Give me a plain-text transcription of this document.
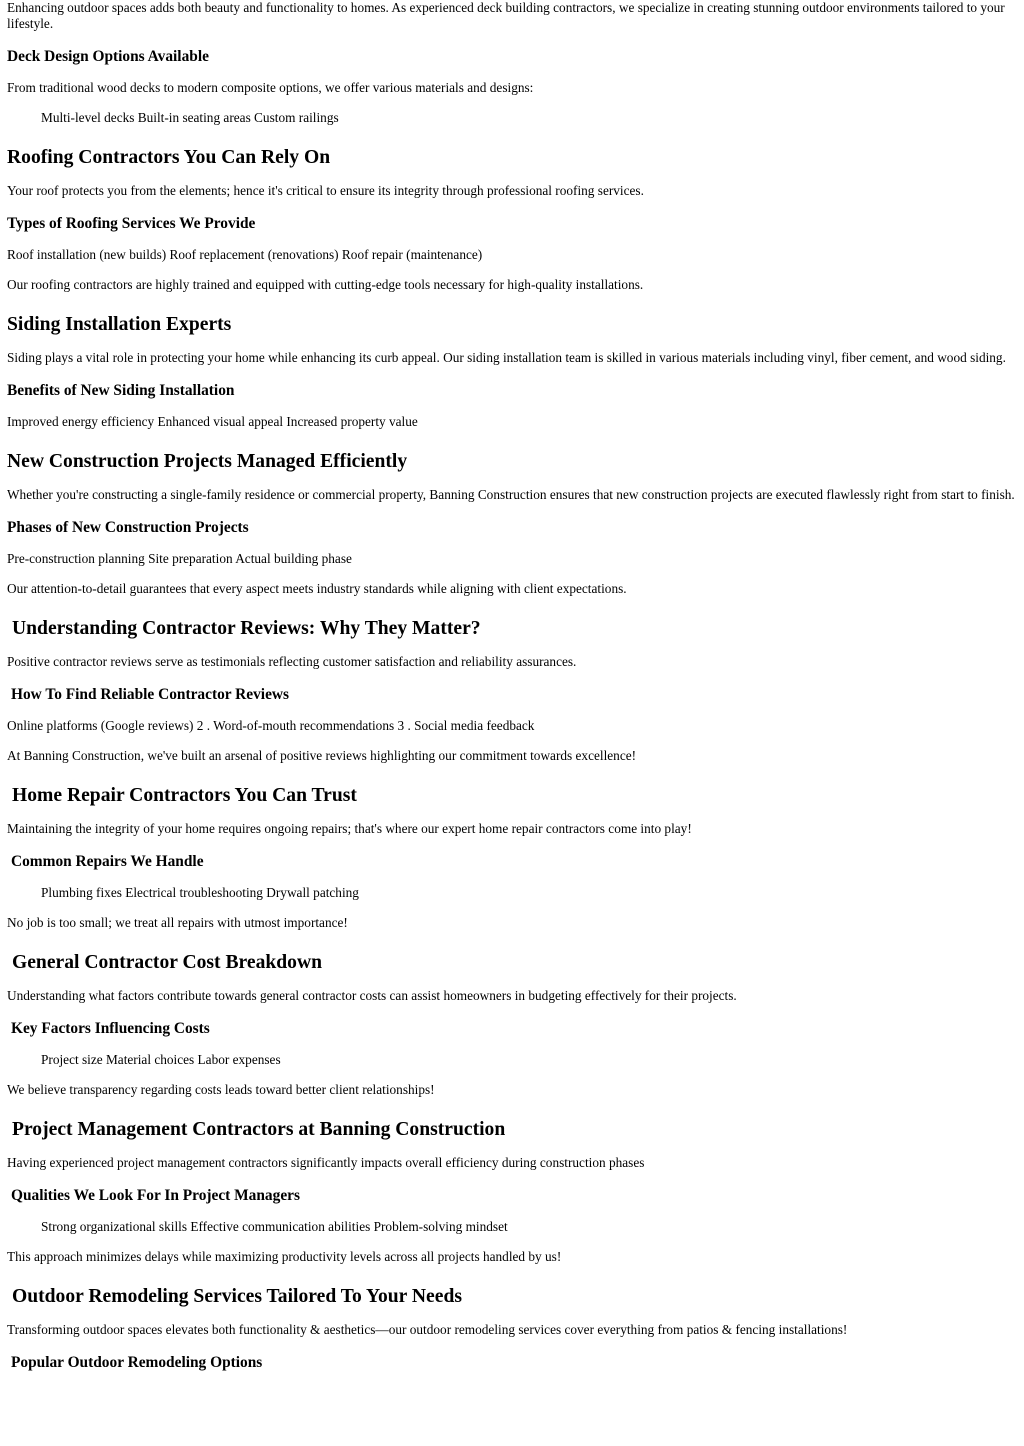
Enhancing outdoor spaces adds both beauty and functionality to homes. As experienced deck building contractors, we specialize in creating stunning outdoor environments tailored to your lifestyle.

Deck Design Options Available

From traditional wood decks to modern composite options, we offer various materials and designs:

Multi-level decks Built-in seating areas Custom railings
Roofing Contractors You Can Rely On

Your roof protects you from the elements; hence it's critical to ensure its integrity through professional roofing services.

Types of Roofing Services We Provide

Roof installation (new builds) Roof replacement (renovations) Roof repair (maintenance)

Our roofing contractors are highly trained and equipped with cutting-edge tools necessary for high-quality installations.

Siding Installation Experts

Siding plays a vital role in protecting your home while enhancing its curb appeal. Our siding installation team is skilled in various materials including vinyl, fiber cement, and wood siding.

Benefits of New Siding Installation

Improved energy efficiency Enhanced visual appeal Increased property value

New Construction Projects Managed Efficiently

Whether you're constructing a single-family residence or commercial property, Banning Construction ensures that new construction projects are executed flawlessly right from start to finish.

Phases of New Construction Projects

Pre-construction planning Site preparation Actual building phase

Our attention-to-detail guarantees that every aspect meets industry standards while aligning with client expectations.

Understanding Contractor Reviews: Why They Matter?

Positive contractor reviews serve as testimonials reflecting customer satisfaction and reliability assurances.

How To Find Reliable Contractor Reviews

Online platforms (Google reviews) 2 . Word-of-mouth recommendations 3 . Social media feedback

At Banning Construction, we've built an arsenal of positive reviews highlighting our commitment towards excellence!

Home Repair Contractors You Can Trust

Maintaining the integrity of your home requires ongoing repairs; that's where our expert home repair contractors come into play!

Common Repairs We Handle
Plumbing fixes Electrical troubleshooting Drywall patching

No job is too small; we treat all repairs with utmost importance!

General Contractor Cost Breakdown

Understanding what factors contribute towards general contractor costs can assist homeowners in budgeting effectively for their projects.

Key Factors Influencing Costs
Project size Material choices Labor expenses

We believe transparency regarding costs leads toward better client relationships!

Project Management Contractors at Banning Construction

Having experienced project management contractors significantly impacts overall efficiency during construction phases

Qualities We Look For In Project Managers
Strong organizational skills Effective communication abilities Problem-solving mindset

This approach minimizes delays while maximizing productivity levels across all projects handled by us!

Outdoor Remodeling Services Tailored To Your Needs

Transforming outdoor spaces elevates both functionality & aesthetics—our outdoor remodeling services cover everything from patios & fencing installations!

Popular Outdoor Remodeling Options
